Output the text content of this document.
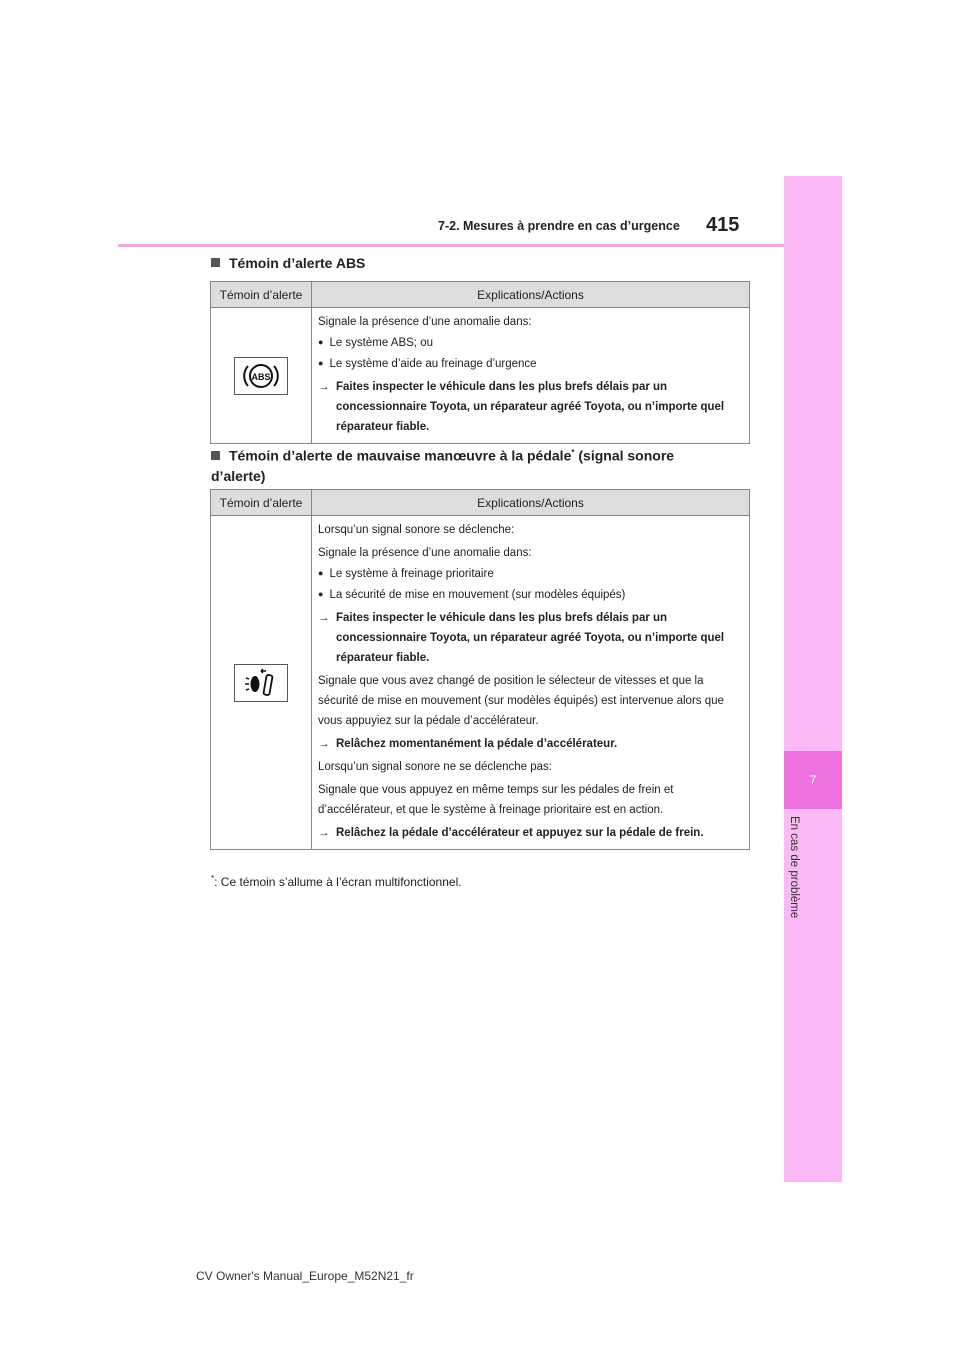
7-2. Mesures à prendre en cas d’urgence 415
7
En cas de problème
Témoin d’alerte ABS
Témoin d’alerte	Explications/Actions
ABS

Signale la présence d’une anomalie dans:

● Le système ABS; ou

● Le système d’aide au freinage d’urgence

→ Faites inspecter le véhicule dans les plus brefs délais par un concessionnaire Toyota, un réparateur agréé Toyota, ou n’importe quel réparateur fiable.

Témoin d’alerte de mauvaise manœuvre à la pédale* (signal sonore d’alerte)
Témoin d’alerte	Explications/Actions

Lorsqu’un signal sonore se déclenche:

Signale la présence d’une anomalie dans:

● Le système à freinage prioritaire

● La sécurité de mise en mouvement (sur modèles équipés)

→ Faites inspecter le véhicule dans les plus brefs délais par un concessionnaire Toyota, un réparateur agréé Toyota, ou n’importe quel réparateur fiable.

Signale que vous avez changé de position le sélecteur de vitesses et que la sécurité de mise en mouvement (sur modèles équipés) est intervenue alors que vous appuyiez sur la pédale d’accélérateur.

→ Relâchez momentanément la pédale d’accélérateur.

Lorsqu’un signal sonore ne se déclenche pas:

Signale que vous appuyez en même temps sur les pédales de frein et d’accélérateur, et que le système à freinage prioritaire est en action.

→ Relâchez la pédale d’accélérateur et appuyez sur la pédale de frein.

*: Ce témoin s’allume à l’écran multifonctionnel.
CV Owner's Manual_Europe_M52N21_fr
